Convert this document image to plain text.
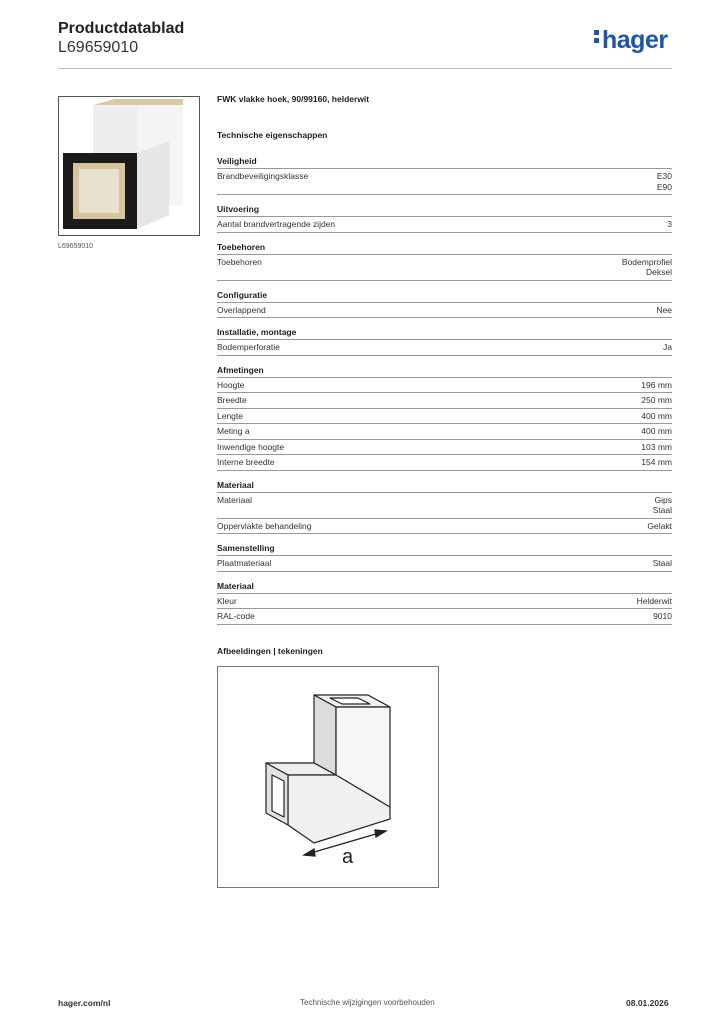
Productdatablad
L69659010	hager
L69659010
FWK vlakke hoek, 90/99160, helderwit
Technische eigenschappen
Veiligheid
Brandbeveiligingsklasse	E30
E90
Uitvoering
Aantal brandvertragende zijden	3
Toebehoren
Toebehoren	Bodemprofiel
Deksel
Configuratie
Overlappend	Nee
Installatie, montage
Bodemperforatie	Ja
Afmetingen
Hoogte	196 mm
Breedte	250 mm
Lengte	400 mm
Meting a	400 mm
Inwendige hoogte	103 mm
Interne breedte	154 mm
Materiaal
Materiaal	Gips
Staal
Oppervlakte behandeling	Gelakt
Samenstelling
Plaatmateriaal	Staal
Materiaal
Kleur	Helderwit
RAL-code	9010
Afbeeldingen | tekeningen
a
hager.com/nl	Technische wijzigingen voorbehouden	08.01.2026
